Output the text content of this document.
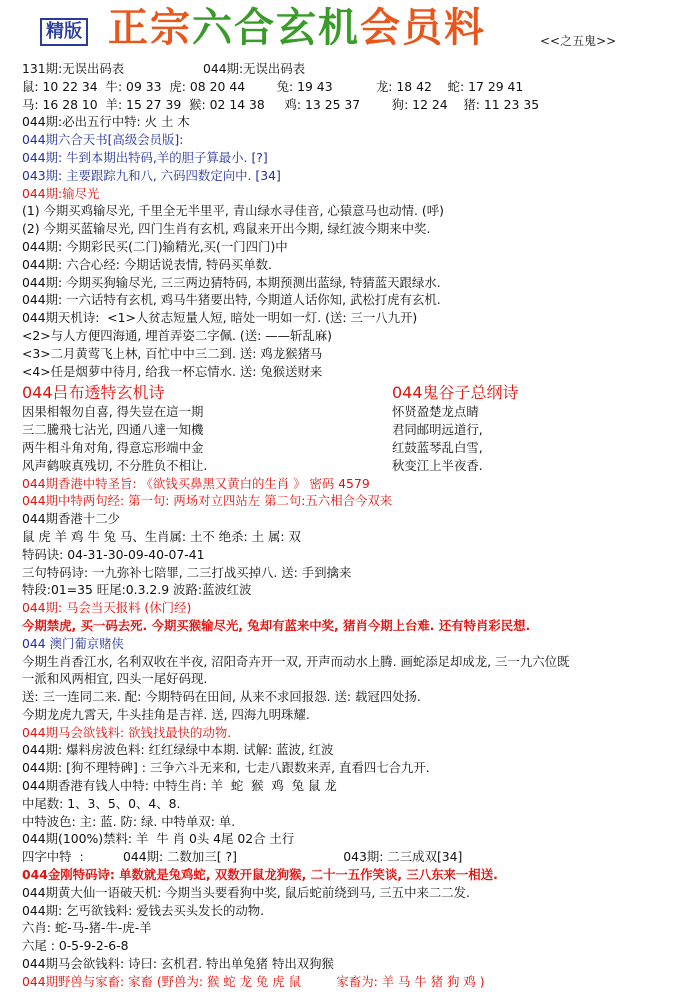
精版 正宗六合玄机会员料	<<之五鬼>>
131期:无误出码表                    044期:无误出码表
鼠: 10 22 34  牛: 09 33  虎: 08 20 44        兔: 19 43           龙: 18 42    蛇: 17 29 41
马: 16 28 10  羊: 15 27 39  猴: 02 14 38     鸡: 13 25 37        狗: 12 24    猪: 11 23 35
044期:必出五行中特: 火 土 木
044期六合天书[高级会员版]:
044期: 牛到本期出特码,羊的胆子算最小. [?]
043期: 主要跟踪九和八, 六码四数定向中. [34]
044期:输尽光
(1) 今期买鸡输尽光, 千里全无半里平, 青山绿水寻佳音, 心猿意马也动情. (呼)
(2) 今期买蓝输尽光, 四门生肖有玄机, 鸡鼠来开出今期, 绿红波今期来中奖.
044期: 今期彩民买(二门)输精光,买(一门四门)中
044期: 六合心经: 今期话说表情, 特码买单数.
044期: 今期买狗输尽光, 三三两边猜特码, 本期预测出蓝绿, 特猜蓝天跟绿水.
044期: 一六话特有玄机, 鸡马牛猪要出特, 今期道人话你知, 武松打虎有玄机.
044期天机诗:  <1>人贫志短量人短, 暗处一明如一灯. (送: 三一八九开)
<2>与人方便四海通, 埋首弄姿二字佩. (送: ——斩乱麻)
<3>二月黄莺飞上林, 百忙中中三二到. 送: 鸡龙猴猪马
<4>任是烟萝中待月, 给我一杯忘情水. 送: 兔猴送财来
044吕布透特玄机诗	044鬼谷子总纲诗
因果相報勿自喜, 得失豈在這一期	怀贤盈楚龙点睛
三二騰飛七沾光, 四通八達一知機	君同邮明远道行,
两牛相斗角对角, 得意忘形端中金	红鼓蓝琴乱白雪,
风声鹤唳真残切, 不分胜负不相让.	秋变江上半夜香.
044期香港中特圣旨: 《欲钱买鼻黑又黄白的生肖 》 密码 4579
044期中特两句经: 第一句: 两场对立四站左 第二句:五六相合今双来
044期香港十二少
鼠 虎 羊 鸡 牛 兔 马、生肖属: 土不 绝杀: 土 属: 双
特码诀: 04-31-30-09-40-07-41
三句特码诗: 一九弥补七陪罪, 二三打战买掉八. 送: 手到擒来
特段:01=35 旺尾:0.3.2.9 波路:蓝波红波
044期: 马会当天报料 (休门经)
今期禁虎, 买一码去死. 今期买猴输尽光, 兔却有蓝来中奖, 猪肖今期上台难. 还有特肖彩民想.
044 澳门葡京赌侠
今期生肖香江水, 名利双收在半夜, 沼阳奇卉开一双, 开声而动水上腾. 画蛇添足却成龙, 三一九六位既
一派和风两相宜, 四头一尾好码现.
送: 三一连同二来. 配: 今期特码在田间, 从来不求回报怨. 送: 载冠四处扬.
今期龙虎九霄天, 牛头挂角是吉祥. 送, 四海九明珠耀.
044期马会欲钱料: 欲钱找最快的动物.
044期: 爆料房波色料: 红红绿绿中本期. 试解: 蓝波, 红波
044期: [狗不理特碑] : 三争六斗无来和, 七走八跟数来弄, 直看四七合九开.
044期香港有钱人中特: 中特生肖: 羊  蛇  猴  鸡  兔 鼠 龙
中尾数: 1、3、5、0、4、8.
中特波色: 主: 蓝. 防: 绿. 中特单双: 单.
044期(100%)禁料: 羊  牛 肖 0头 4尾 02合 土行
四字中特  :          044期: 二数加三[ ?]                           043期: 二三成双[34]
044金刚特码诗: 单数就是兔鸡蛇, 双数开鼠龙狗猴, 二十一五作笑谈, 三八东来一相送.
044期黄大仙一语破天机: 今期当头要看狗中奖, 鼠后蛇前绕到马, 三五中来二二发.
044期: 乞丐欲钱料: 爱钱去买头发长的动物.
六肖: 蛇-马-猪-牛-虎-羊
六尾 : 0-5-9-2-6-8
044期马会欲钱料: 诗曰: 玄机君. 特出单兔猪 特出双狗猴
044期野兽与家畜: 家畜 (野兽为: 猴 蛇 龙 兔 虎 鼠         家畜为: 羊 马 牛 猪 狗 鸡 )
